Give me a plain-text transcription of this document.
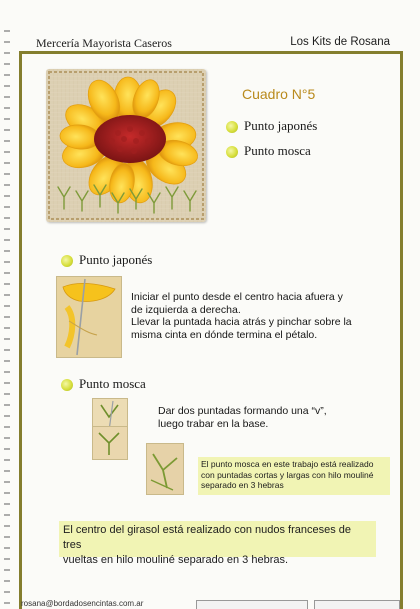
Mercería Mayorista Caseros	Los Kits de Rosana
Cuadro N°5
Punto japonés
Punto mosca
Punto japonés

Iniciar el punto desde el centro hacia afuera y

de izquierda a derecha.

Llevar la puntada hacia atrás y pinchar sobre la

misma cinta en dónde termina el pétalo.

Punto mosca

Dar dos puntadas formando una “v”,

luego trabar en la base.

El punto mosca en este trabajo está realizado

con puntadas cortas y largas con hilo mouliné

separado en 3 hebras

El centro del girasol está realizado con nudos franceses de tres

vueltas en hilo mouliné separado en 3 hebras.

rosana@bordadosencintas.com.ar
